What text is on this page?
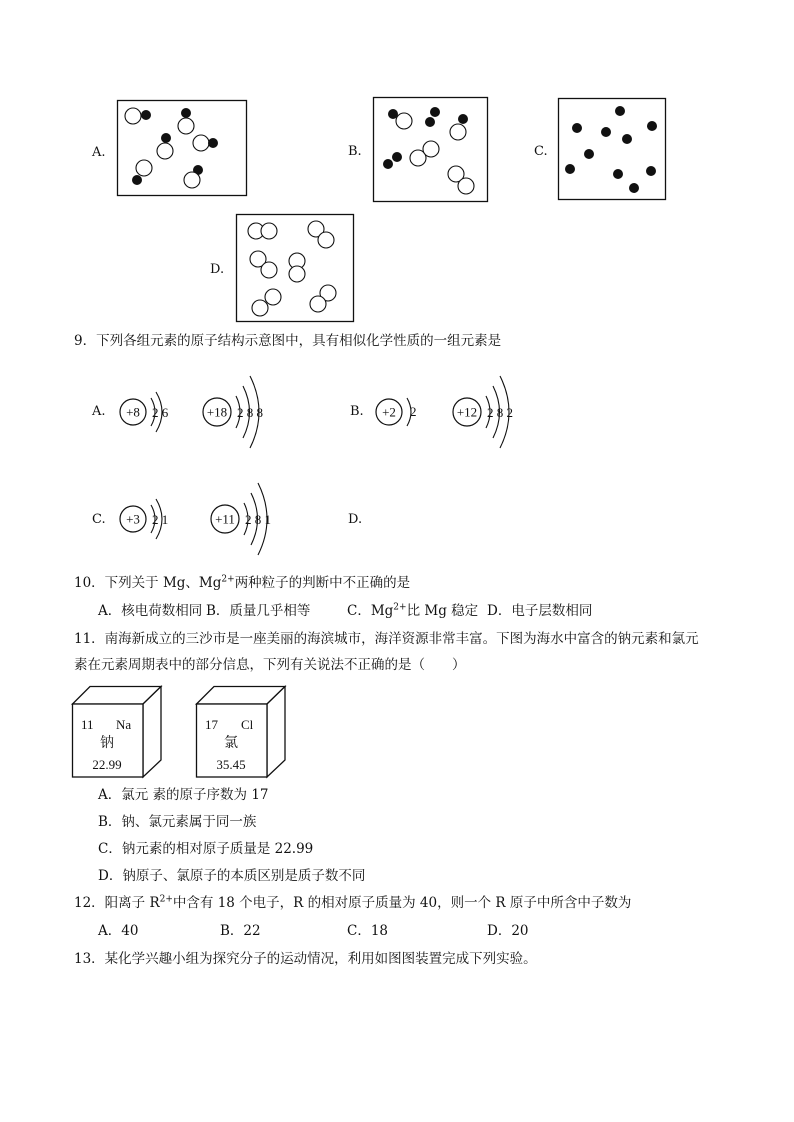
A.	B.	C.
D.
9．下列各组元素的原子结构示意图中，具有相似化学性质的一组元素是
A. +8 2 6	+18 2 8 8	B. +2 2	+12 2 8 2
C. +3 2 1	+11 2 8 1	D.
10．下列关于 Mg、$Mg^{2+}$两种粒子的判断中不正确的是
A．核电荷数相同 B．质量几乎相等	C．$Mg^{2+}$比 Mg 稳定 D．电子层数相同
11．南海新成立的三沙市是一座美丽的海滨城市，海洋资源非常丰富。下图为海水中富含的钠元素和氯元
素在元素周期表中的部分信息，下列有关说法不正确的是（　　）
11 Na
钠
22.99
17 Cl
氯
35.45
A．氯元 素的原子序数为 17
B．钠、氯元素属于同一族
C．钠元素的相对原子质量是 22.99
D．钠原子、氯原子的本质区别是质子数不同
12．阳离子 $R^{2+}$中含有 18 个电子，R 的相对原子质量为 40，则一个 R 原子中所含中子数为
A．40	B．22	C．18	D．20
13．某化学兴趣小组为探究分子的运动情况，利用如图图装置完成下列实验。
